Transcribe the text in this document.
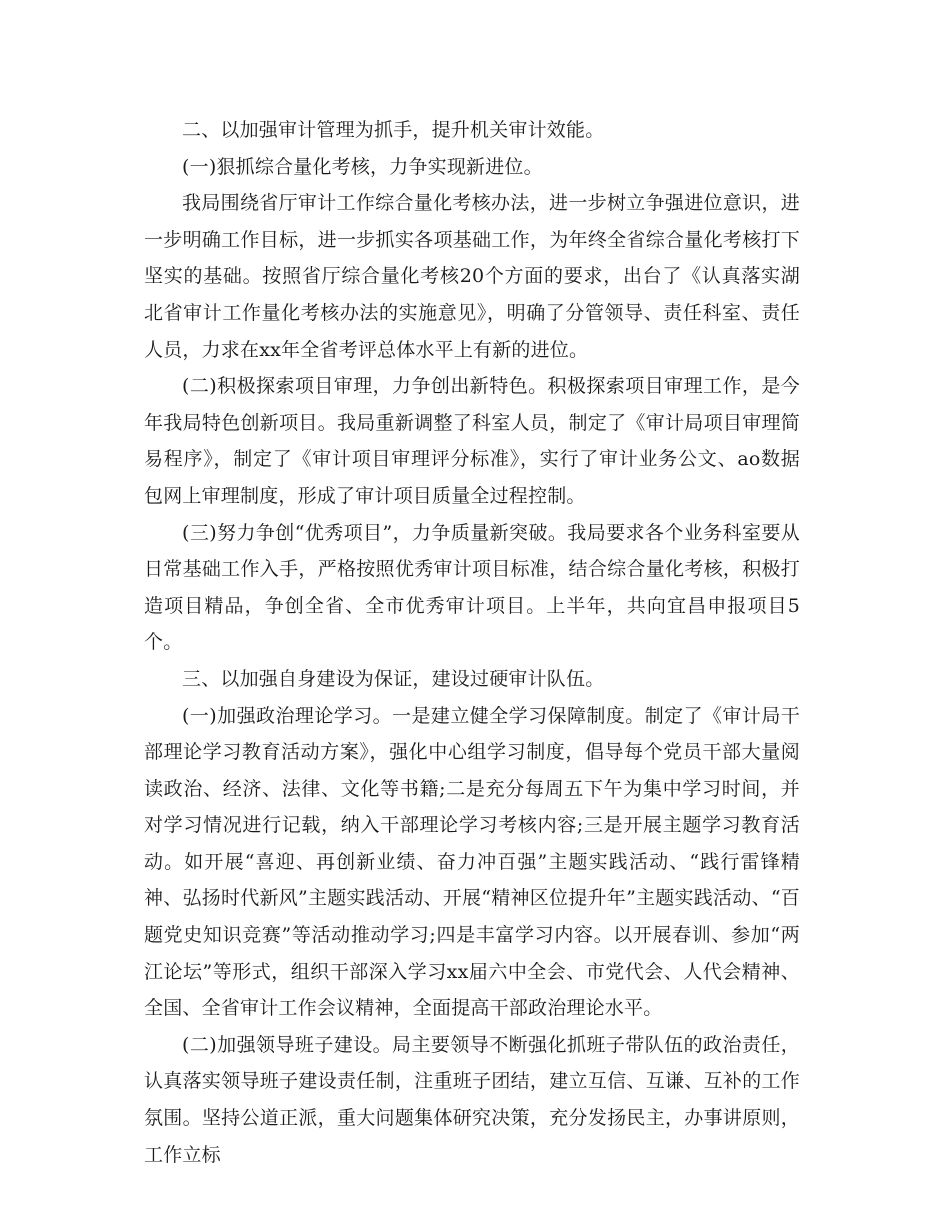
二、以加强审计管理为抓手，提升机关审计效能。

(一)狠抓综合量化考核，力争实现新进位。

我局围绕省厅审计工作综合量化考核办法，进一步树立争强进位意识，进一步明确工作目标，进一步抓实各项基础工作，为年终全省综合量化考核打下坚实的基础。按照省厅综合量化考核20个方面的要求，出台了《认真落实湖北省审计工作量化考核办法的实施意见》，明确了分管领导、责任科室、责任人员，力求在xx年全省考评总体水平上有新的进位。

(二)积极探索项目审理，力争创出新特色。积极探索项目审理工作，是今年我局特色创新项目。我局重新调整了科室人员，制定了《审计局项目审理简易程序》，制定了《审计项目审理评分标准》，实行了审计业务公文、ao数据包网上审理制度，形成了审计项目质量全过程控制。

(三)努力争创“优秀项目”，力争质量新突破。我局要求各个业务科室要从日常基础工作入手，严格按照优秀审计项目标准，结合综合量化考核，积极打造项目精品，争创全省、全市优秀审计项目。上半年，共向宜昌申报项目5个。

三、以加强自身建设为保证，建设过硬审计队伍。

(一)加强政治理论学习。一是建立健全学习保障制度。制定了《审计局干部理论学习教育活动方案》，强化中心组学习制度，倡导每个党员干部大量阅读政治、经济、法律、文化等书籍;二是充分每周五下午为集中学习时间，并对学习情况进行记载，纳入干部理论学习考核内容;三是开展主题学习教育活动。如开展“喜迎、再创新业绩、奋力冲百强”主题实践活动、“践行雷锋精神、弘扬时代新风”主题实践活动、开展“精神区位提升年”主题实践活动、“百题党史知识竞赛”等活动推动学习;四是丰富学习内容。以开展春训、参加“两江论坛”等形式，组织干部深入学习xx届六中全会、市党代会、人代会精神、全国、全省审计工作会议精神，全面提高干部政治理论水平。

(二)加强领导班子建设。局主要领导不断强化抓班子带队伍的政治责任，认真落实领导班子建设责任制，注重班子团结，建立互信、互谦、互补的工作氛围。坚持公道正派，重大问题集体研究决策，充分发扬民主，办事讲原则，工作立标
